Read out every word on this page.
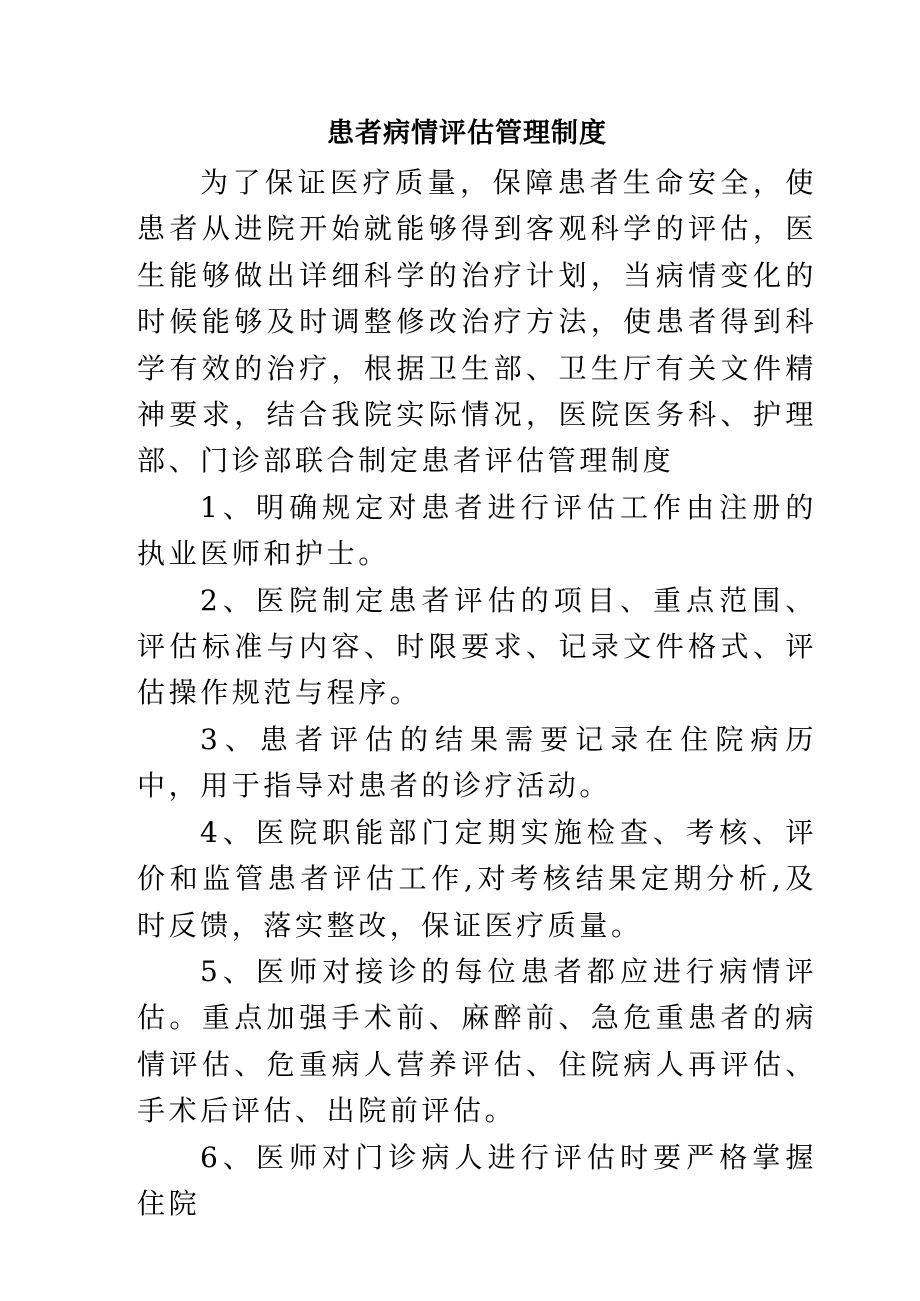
患者病情评估管理制度

为了保证医疗质量，保障患者生命安全，使患者从进院开始就能够得到客观科学的评估，医生能够做出详细科学的治疗计划，当病情变化的时候能够及时调整修改治疗方法，使患者得到科学有效的治疗，根据卫生部、卫生厅有关文件精神要求，结合我院实际情况，医院医务科、护理部、门诊部联合制定患者评估管理制度

1、明确规定对患者进行评估工作由注册的执业医师和护士。

2、医院制定患者评估的项目、重点范围、评估标准与内容、时限要求、记录文件格式、评估操作规范与程序。

3、患者评估的结果需要记录在住院病历中，用于指导对患者的诊疗活动。

4、医院职能部门定期实施检查、考核、评价和监管患者评估工作,对考核结果定期分析,及时反馈，落实整改，保证医疗质量。

5、医师对接诊的每位患者都应进行病情评估。重点加强手术前、麻醉前、急危重患者的病情评估、危重病人营养评估、住院病人再评估、手术后评估、出院前评估。

6、医师对门诊病人进行评估时要严格掌握住院
